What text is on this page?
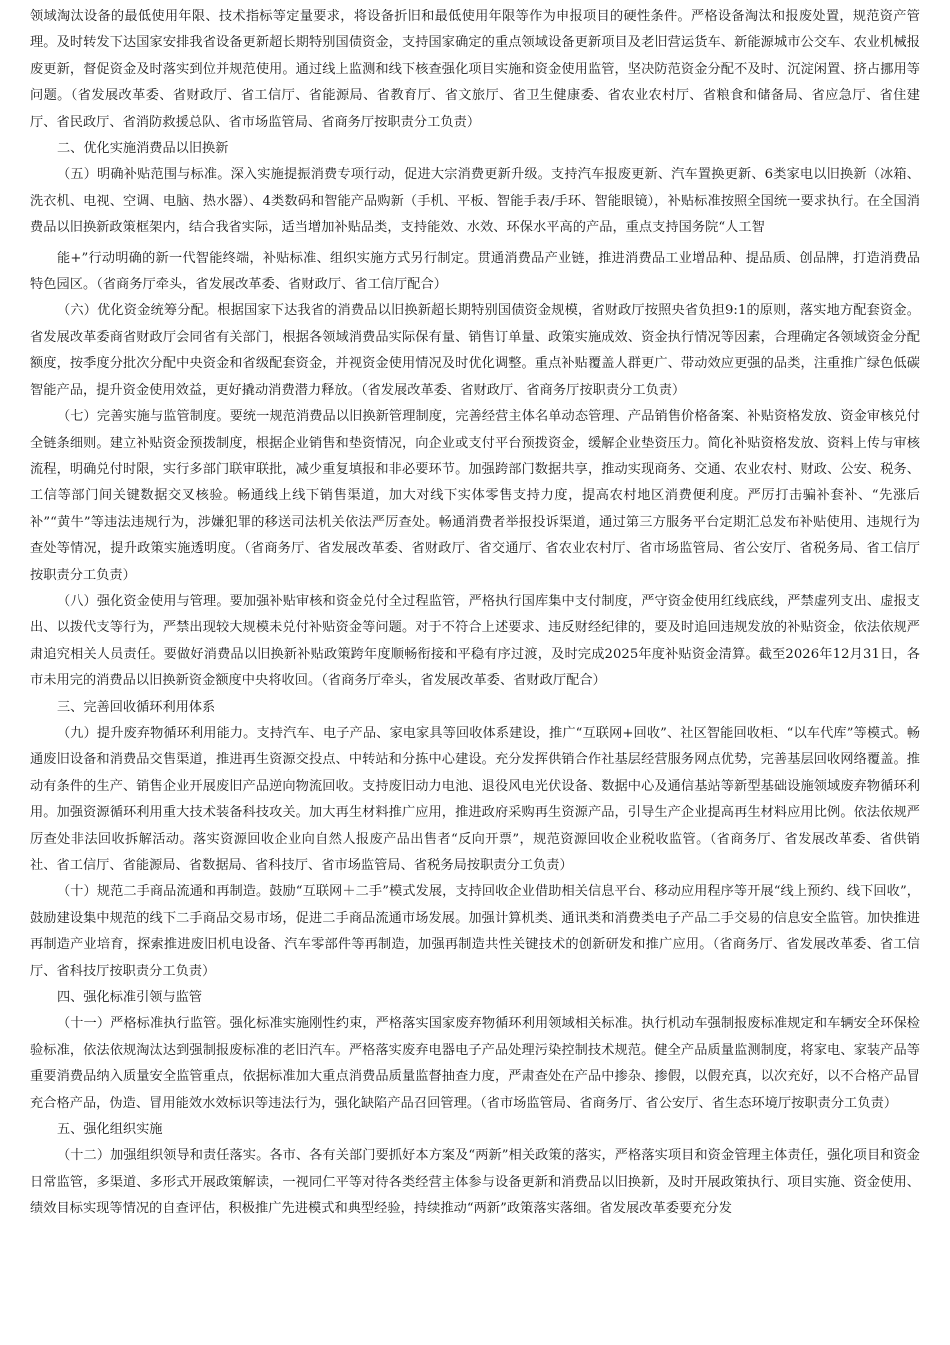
领域淘汰设备的最低使用年限、技术指标等定量要求，将设备折旧和最低使用年限等作为申报项目的硬性条件。严格设备淘汰和报废处置，规范资产管理。及时转发下达国家安排我省设备更新超长期特别国债资金，支持国家确定的重点领域设备更新项目及老旧营运货车、新能源城市公交车、农业机械报废更新，督促资金及时落实到位并规范使用。通过线上监测和线下核查强化项目实施和资金使用监管，坚决防范资金分配不及时、沉淀闲置、挤占挪用等问题。（省发展改革委、省财政厅、省工信厅、省能源局、省教育厅、省文旅厅、省卫生健康委、省农业农村厅、省粮食和储备局、省应急厅、省住建厅、省民政厅、省消防救援总队、省市场监管局、省商务厅按职责分工负责）

二、优化实施消费品以旧换新

（五）明确补贴范围与标准。深入实施提振消费专项行动，促进大宗消费更新升级。支持汽车报废更新、汽车置换更新、6类家电以旧换新（冰箱、洗衣机、电视、空调、电脑、热水器）、4类数码和智能产品购新（手机、平板、智能手表/手环、智能眼镜），补贴标准按照全国统一要求执行。在全国消费品以旧换新政策框架内，结合我省实际，适当增加补贴品类，支持能效、水效、环保水平高的产品，重点支持国务院“人工智

能+”行动明确的新一代智能终端，补贴标准、组织实施方式另行制定。贯通消费品产业链，推进消费品工业增品种、提品质、创品牌，打造消费品特色园区。（省商务厅牵头，省发展改革委、省财政厅、省工信厅配合）

（六）优化资金统筹分配。根据国家下达我省的消费品以旧换新超长期特别国债资金规模，省财政厅按照央省负担9:1的原则，落实地方配套资金。省发展改革委商省财政厅会同省有关部门，根据各领域消费品实际保有量、销售订单量、政策实施成效、资金执行情况等因素，合理确定各领域资金分配额度，按季度分批次分配中央资金和省级配套资金，并视资金使用情况及时优化调整。重点补贴覆盖人群更广、带动效应更强的品类，注重推广绿色低碳智能产品，提升资金使用效益，更好撬动消费潜力释放。（省发展改革委、省财政厅、省商务厅按职责分工负责）

（七）完善实施与监管制度。要统一规范消费品以旧换新管理制度，完善经营主体名单动态管理、产品销售价格备案、补贴资格发放、资金审核兑付全链条细则。建立补贴资金预拨制度，根据企业销售和垫资情况，向企业或支付平台预拨资金，缓解企业垫资压力。简化补贴资格发放、资料上传与审核流程，明确兑付时限，实行多部门联审联批，减少重复填报和非必要环节。加强跨部门数据共享，推动实现商务、交通、农业农村、财政、公安、税务、工信等部门间关键数据交叉核验。畅通线上线下销售渠道，加大对线下实体零售支持力度，提高农村地区消费便利度。严厉打击骗补套补、“先涨后补”“黄牛”等违法违规行为，涉嫌犯罪的移送司法机关依法严厉查处。畅通消费者举报投诉渠道，通过第三方服务平台定期汇总发布补贴使用、违规行为查处等情况，提升政策实施透明度。（省商务厅、省发展改革委、省财政厅、省交通厅、省农业农村厅、省市场监管局、省公安厅、省税务局、省工信厅按职责分工负责）

（八）强化资金使用与管理。要加强补贴审核和资金兑付全过程监管，严格执行国库集中支付制度，严守资金使用红线底线，严禁虚列支出、虚报支出、以拨代支等行为，严禁出现较大规模未兑付补贴资金等问题。对于不符合上述要求、违反财经纪律的，要及时追回违规发放的补贴资金，依法依规严肃追究相关人员责任。要做好消费品以旧换新补贴政策跨年度顺畅衔接和平稳有序过渡，及时完成2025年度补贴资金清算。截至2026年12月31日，各市未用完的消费品以旧换新资金额度中央将收回。（省商务厅牵头，省发展改革委、省财政厅配合）

三、完善回收循环利用体系

（九）提升废弃物循环利用能力。支持汽车、电子产品、家电家具等回收体系建设，推广“互联网+回收”、社区智能回收柜、“以车代库”等模式。畅通废旧设备和消费品交售渠道，推进再生资源交投点、中转站和分拣中心建设。充分发挥供销合作社基层经营服务网点优势，完善基层回收网络覆盖。推动有条件的生产、销售企业开展废旧产品逆向物流回收。支持废旧动力电池、退役风电光伏设备、数据中心及通信基站等新型基础设施领域废弃物循环利用。加强资源循环利用重大技术装备科技攻关。加大再生材料推广应用，推进政府采购再生资源产品，引导生产企业提高再生材料应用比例。依法依规严厉查处非法回收拆解活动。落实资源回收企业向自然人报废产品出售者“反向开票”，规范资源回收企业税收监管。（省商务厅、省发展改革委、省供销社、省工信厅、省能源局、省数据局、省科技厅、省市场监管局、省税务局按职责分工负责）

（十）规范二手商品流通和再制造。鼓励“互联网＋二手”模式发展，支持回收企业借助相关信息平台、移动应用程序等开展“线上预约、线下回收”，鼓励建设集中规范的线下二手商品交易市场，促进二手商品流通市场发展。加强计算机类、通讯类和消费类电子产品二手交易的信息安全监管。加快推进再制造产业培育，探索推进废旧机电设备、汽车零部件等再制造，加强再制造共性关键技术的创新研发和推广应用。（省商务厅、省发展改革委、省工信厅、省科技厅按职责分工负责）

四、强化标准引领与监管

（十一）严格标准执行监管。强化标准实施刚性约束，严格落实国家废弃物循环利用领域相关标准。执行机动车强制报废标准规定和车辆安全环保检验标准，依法依规淘汰达到强制报废标准的老旧汽车。严格落实废弃电器电子产品处理污染控制技术规范。健全产品质量监测制度，将家电、家装产品等重要消费品纳入质量安全监管重点，依据标准加大重点消费品质量监督抽查力度，严肃查处在产品中掺杂、掺假，以假充真，以次充好，以不合格产品冒充合格产品，伪造、冒用能效水效标识等违法行为，强化缺陷产品召回管理。（省市场监管局、省商务厅、省公安厅、省生态环境厅按职责分工负责）

五、强化组织实施

（十二）加强组织领导和责任落实。各市、各有关部门要抓好本方案及“两新”相关政策的落实，严格落实项目和资金管理主体责任，强化项目和资金日常监管，多渠道、多形式开展政策解读，一视同仁平等对待各类经营主体参与设备更新和消费品以旧换新，及时开展政策执行、项目实施、资金使用、绩效目标实现等情况的自查评估，积极推广先进模式和典型经验，持续推动“两新”政策落实落细。省发展改革委要充分发
